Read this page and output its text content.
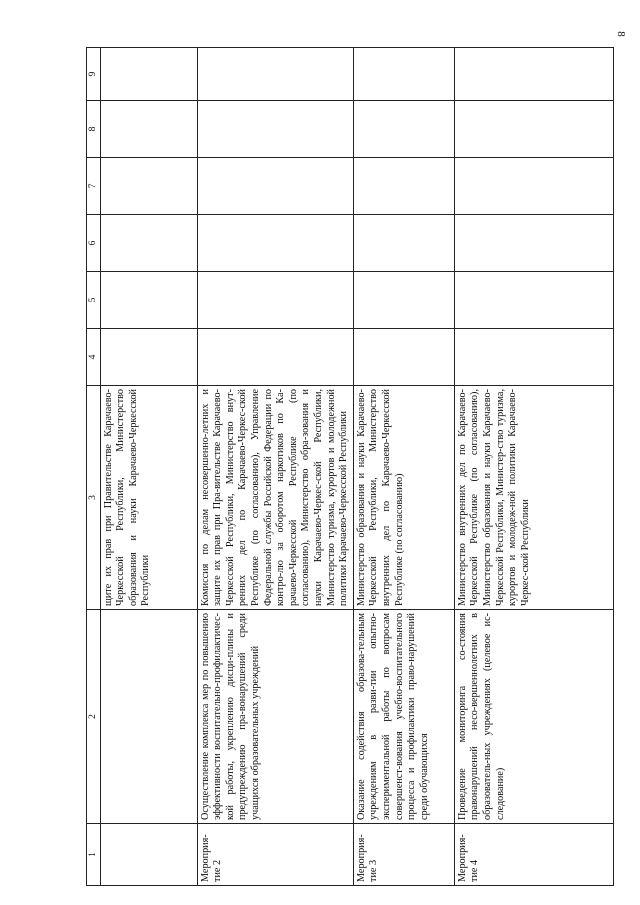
8
1	2	3	4	5	6	7	8	9
		щите их прав при Правительстве Карачаево-Черкесской Республики, Министерство образования и науки Карачаево-Черкесской Республики						
Мероприя-тие 2	Осуществление комплекса мер по повышению эффективности воспитательно-профилактичес-кой работы, укреплению дисци-плины и предупреждению пра-вонарушений среди учащихся образовательных учреждений	Комиссия по делам несовершенно-летних и защите их прав при Пра-вительстве Карачаево-Черкесской Республики, Министерство внут-ренних дел по Карачаево-Черкес-ской Республике (по согласованию), Управление Федеральной службы Российской Федерации по контро-лю за оборотом наркотиков по Ка-рачаево-Черкесской Республике (по согласованию), Министерство обра-зования и науки Карачаево-Черкес-ской Республики, Министерство туризма, курортов и молодежной политики Карачаево-Черкесской Республики						
Мероприя-тие 3	Оказание содействия образова-тельным учреждениям в разви-тии опытно-экспериментальной работы по вопросам совершенст-вования учебно-воспитательного процесса и профилактики право-нарушений среди обучающихся	Министерство образования и науки Карачаево-Черкесской Республики, Министерство внутренних дел по Карачаево-Черкесской Республике (по согласованию)						
Мероприя-тие 4	Проведение мониторинга со-стояния правонарушений несо-вершеннолетних в образователь-ных учреждениях (целевое ис-следование)	Министерство внутренних дел по Карачаево-Черкесской Республике (по согласованию), Министерство образования и науки Карачаево-Черкесской Республики, Министер-ство туризма, курортов и молодеж-ной политики Карачаево-Черкес-ской Республики						
